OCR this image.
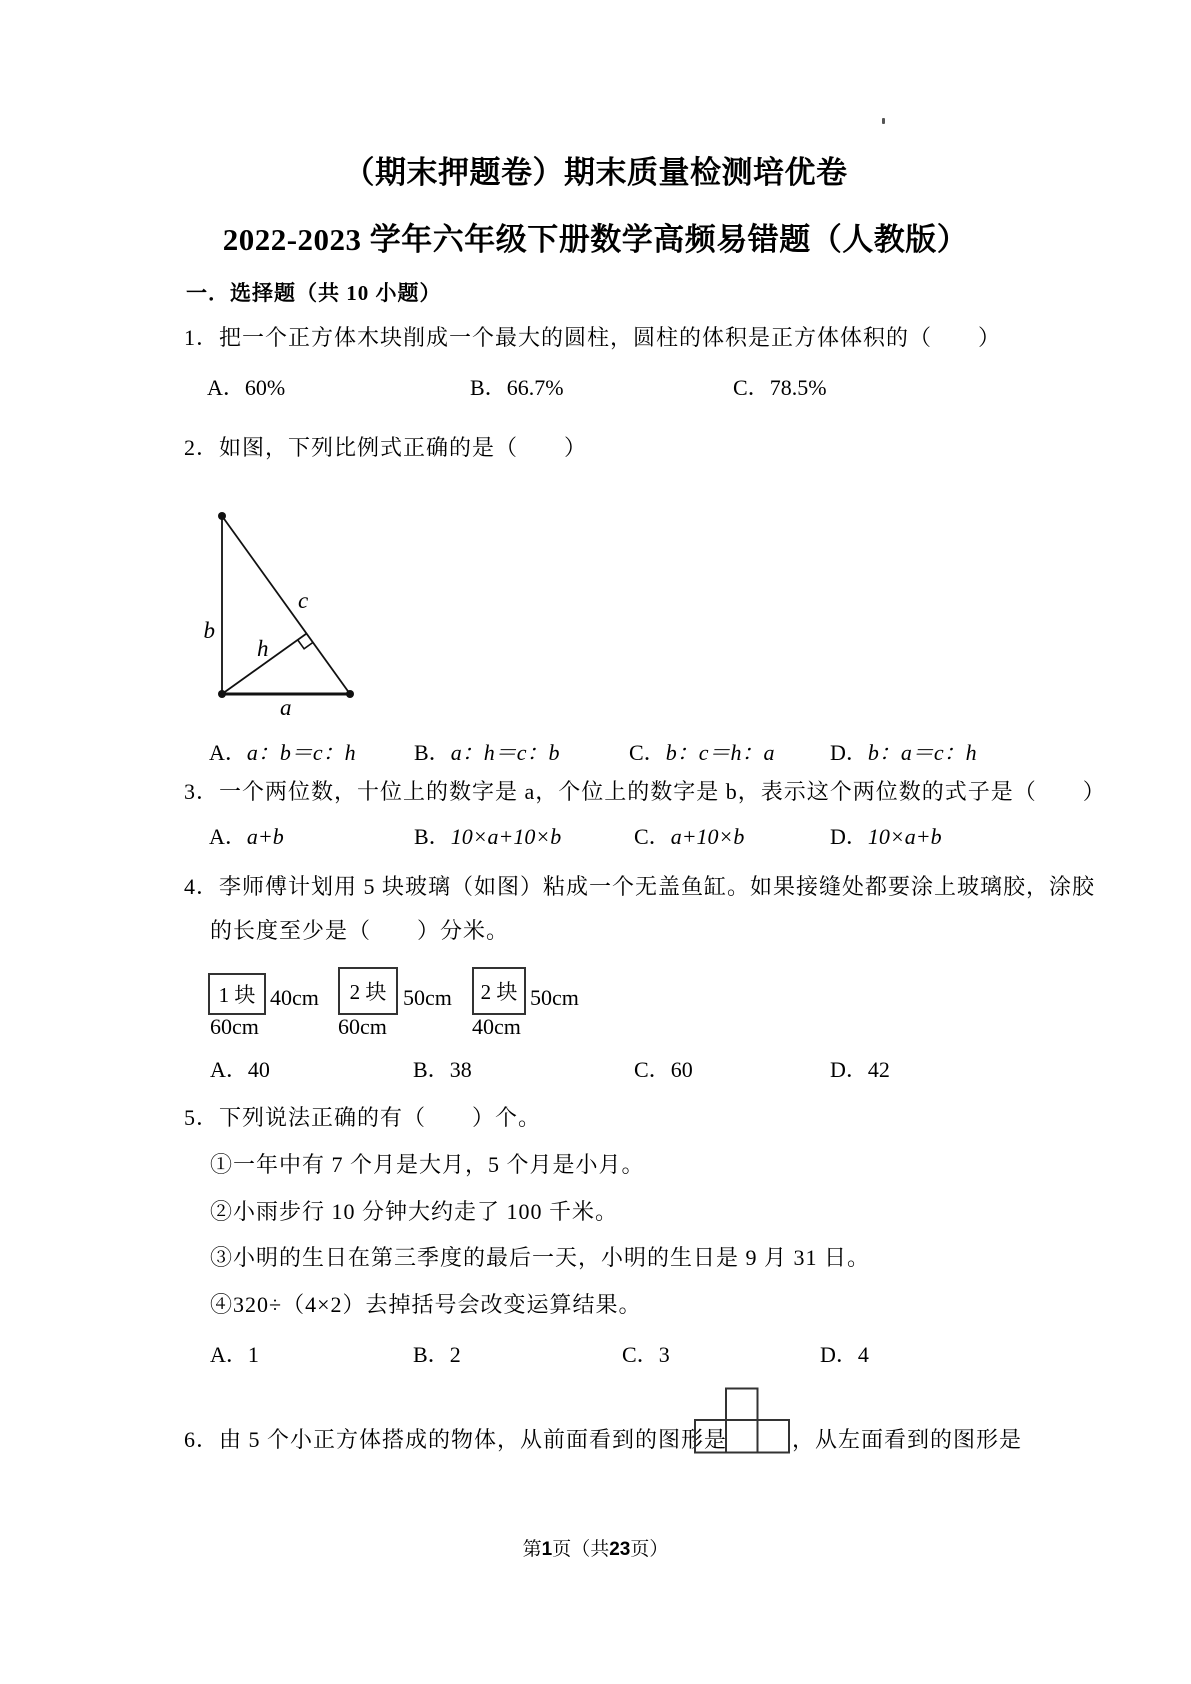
（期末押题卷）期末质量检测培优卷
2022-2023 学年六年级下册数学高频易错题（人教版）
一．选择题（共 10 小题）
1．把一个正方体木块削成一个最大的圆柱，圆柱的体积是正方体体积的（　　）
A．60%	B．66.7%	C．78.5%
2．如图，下列比例式正确的是（　　）
b
c
h
a
A．a：b＝c：h	B．a：h＝c：b	C．b：c＝h：a	D．b：a＝c：h
3．一个两位数，十位上的数字是 a，个位上的数字是 b，表示这个两位数的式子是（　　）
A．a+b	B．10×a+10×b	C．a+10×b	D．10×a+b
4．李师傅计划用 5 块玻璃（如图）粘成一个无盖鱼缸。如果接缝处都要涂上玻璃胶，涂胶
的长度至少是（　　）分米。
1 块 40cm
60cm
2 块 50cm
60cm
2 块 50cm
40cm
A．40	B．38	C．60	D．42
5．下列说法正确的有（　　）个。
①一年中有 7 个月是大月，5 个月是小月。
②小雨步行 10 分钟大约走了 100 千米。
③小明的生日在第三季度的最后一天，小明的生日是 9 月 31 日。
④320÷（4×2）去掉括号会改变运算结果。
A．1	B．2	C．3	D．4
6．由 5 个小正方体搭成的物体，从前面看到的图形是	，从左面看到的图形是
第1页（共23页）
